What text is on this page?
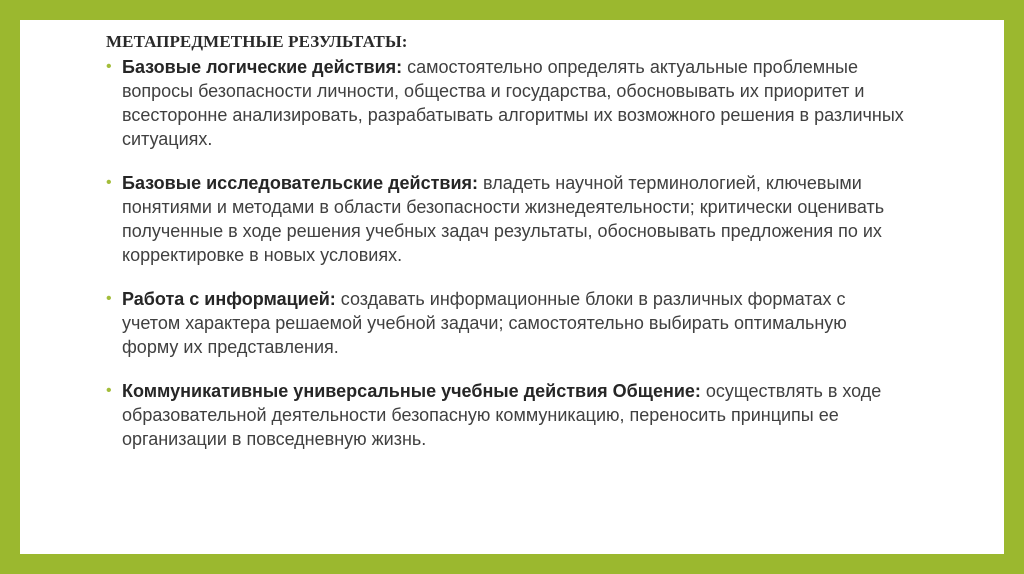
МЕТАПРЕДМЕТНЫЕ РЕЗУЛЬТАТЫ:
• Базовые логические действия: самостоятельно определять актуальные проблемные вопросы безопасности личности, общества и государства, обосновывать их приоритет и всесторонне анализировать, разрабатывать алгоритмы их возможного решения в различных ситуациях.
• Базовые исследовательские действия: владеть научной терминологией, ключевыми понятиями и методами в области безопасности жизнедеятельности; критически оценивать полученные в ходе решения учебных задач результаты, обосновывать предложения по их корректировке в новых условиях.
• Работа с информацией: создавать информационные блоки в различных форматах с учетом характера решаемой учебной задачи; самостоятельно выбирать оптимальную форму их представления.
• Коммуникативные универсальные учебные действия Общение: осуществлять в ходе образовательной деятельности безопасную коммуникацию, переносить принципы ее организации в повседневную жизнь.
